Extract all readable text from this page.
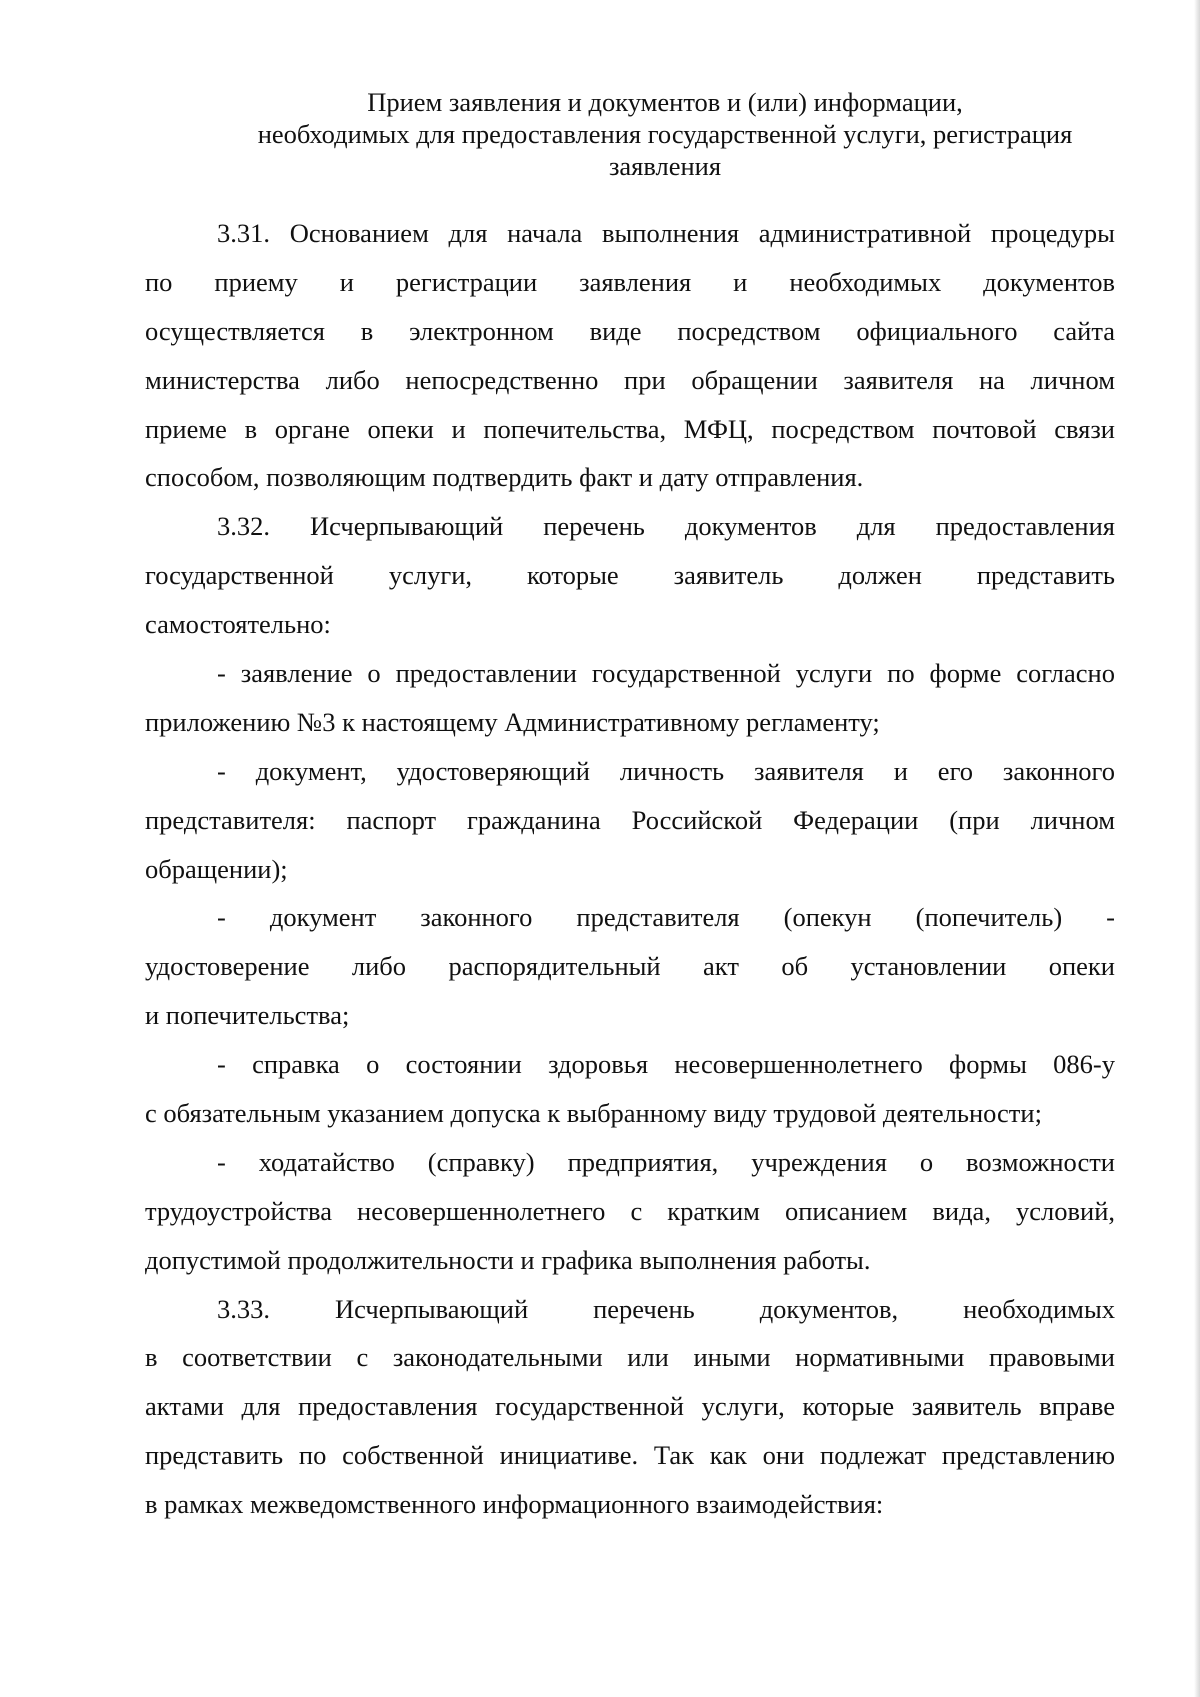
Прием заявления и документов и (или) информации,
необходимых для предоставления государственной услуги, регистрация
заявления
3.31. Основанием для начала выполнения административной процедуры
по приему и регистрации заявления и необходимых документов
осуществляется в электронном виде посредством официального сайта
министерства либо непосредственно при обращении заявителя на личном
приеме в органе опеки и попечительства, МФЦ, посредством почтовой связи
способом, позволяющим подтвердить факт и дату отправления.
3.32. Исчерпывающий перечень документов для предоставления
государственной услуги, которые заявитель должен представить
самостоятельно:
- заявление о предоставлении государственной услуги по форме согласно
приложению №3 к настоящему Административному регламенту;
- документ, удостоверяющий личность заявителя и его законного
представителя: паспорт гражданина Российской Федерации (при личном
обращении);
- документ законного представителя (опекун (попечитель) -
удостоверение либо распорядительный акт об установлении опеки
и попечительства;
- справка о состоянии здоровья несовершеннолетнего формы 086-у
с обязательным указанием допуска к выбранному виду трудовой деятельности;
- ходатайство (справку) предприятия, учреждения о возможности
трудоустройства несовершеннолетнего с кратким описанием вида, условий,
допустимой продолжительности и графика выполнения работы.
3.33. Исчерпывающий перечень документов, необходимых
в соответствии с законодательными или иными нормативными правовыми
актами для предоставления государственной услуги, которые заявитель вправе
представить по собственной инициативе. Так как они подлежат представлению
в рамках межведомственного информационного взаимодействия:
